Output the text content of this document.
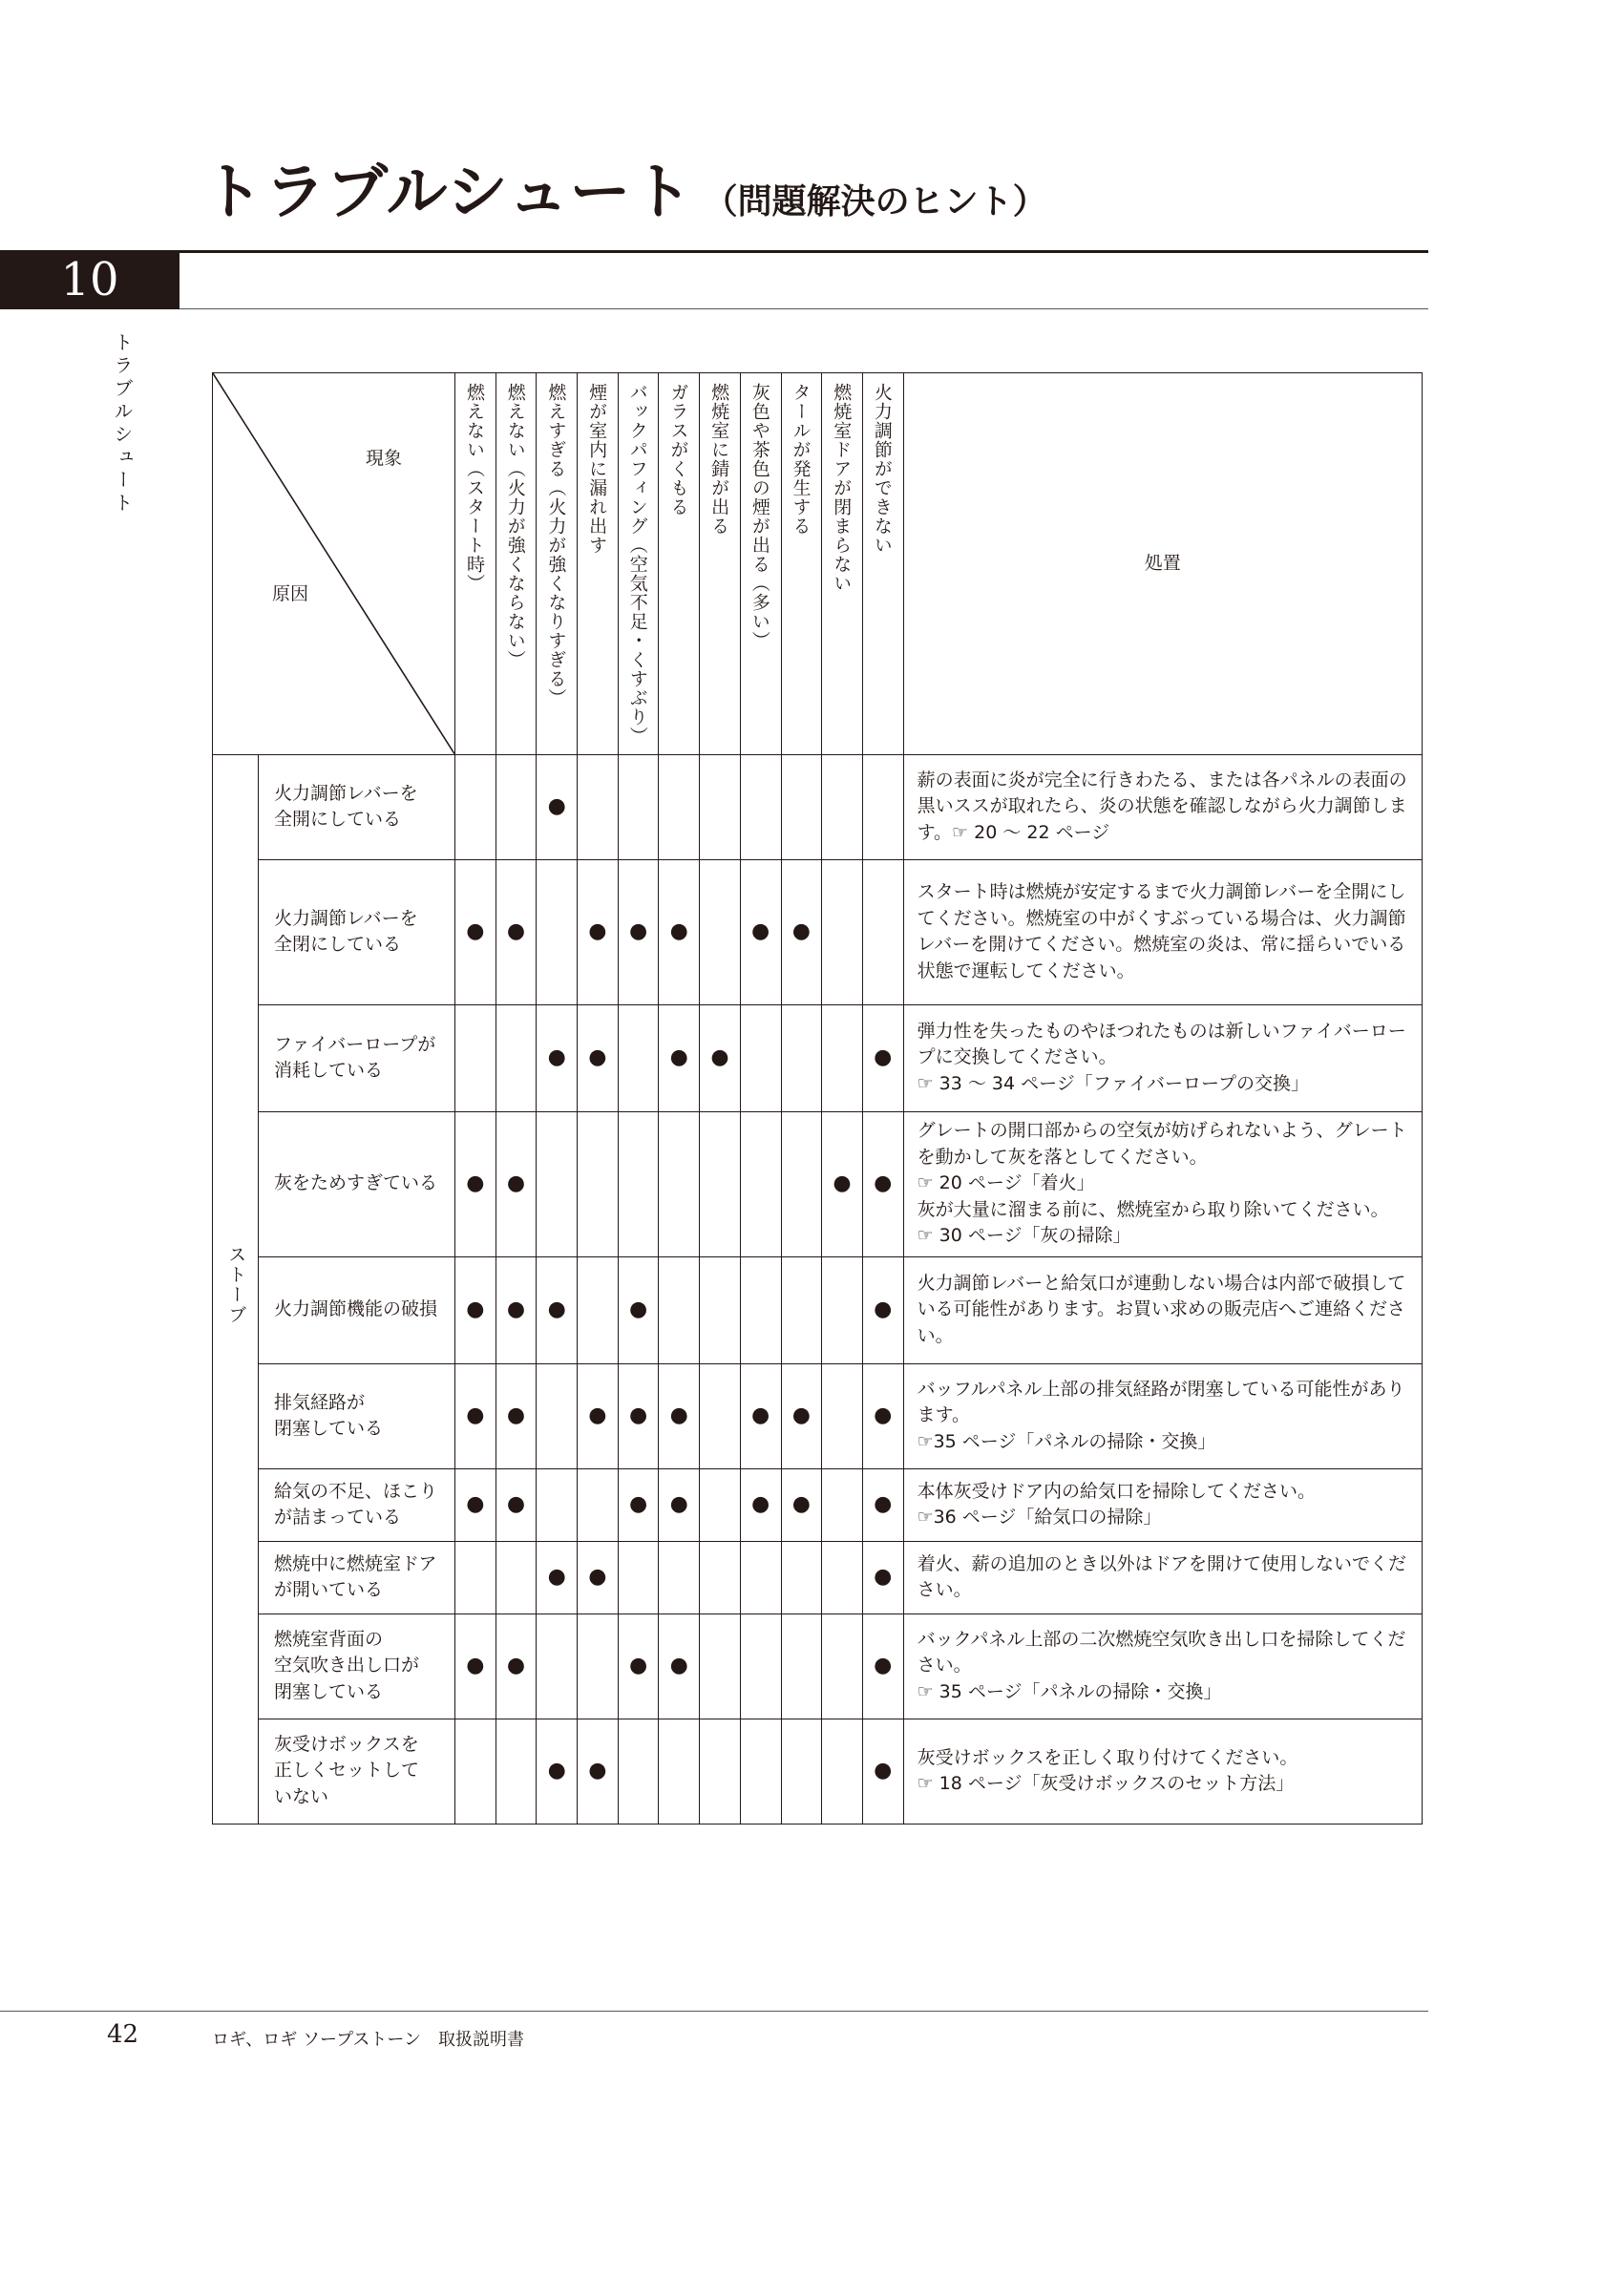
トラブルシュート （問題解決のヒント）
10
トラブルシュート	現象
原因		燃えない（スタート時）	燃えない（火力が強くならない）	燃えすぎる（火力が強くなりすぎる）	煙が室内に漏れ出す	バックパフィング（空気不足・くすぶり）	ガラスがくもる	燃焼室に錆が出る	灰色や茶色の煙が出る（多い）	タールが発生する	燃焼室ドアが閉まらない	火力調節ができない	処置
ストーブ	火力調節レバーを
全開にしている			●									薪の表面に炎が完全に行きわたる、または各パネルの表面の黒いススが取れたら、炎の状態を確認しながら火力調節します。☞ 20 ～ 22 ページ
	火力調節レバーを
全閉にしている	●	●		●	●	●		●	●			スタート時は燃焼が安定するまで火力調節レバーを全開にしてください。燃焼室の中がくすぶっている場合は、火力調節レバーを開けてください。燃焼室の炎は、常に揺らいでいる状態で運転してください。
	ファイバーロープが
消耗している			●	●		●	●				●	弾力性を失ったものやほつれたものは新しいファイバーロープに交換してください。
☞ 33 ～ 34 ページ「ファイバーロープの交換」
	灰をためすぎている	●	●								●	●	グレートの開口部からの空気が妨げられないよう、グレートを動かして灰を落としてください。
☞ 20 ページ「着火」
灰が大量に溜まる前に、燃焼室から取り除いてください。
☞ 30 ページ「灰の掃除」
	火力調節機能の破損	●	●	●		●						●	火力調節レバーと給気口が連動しない場合は内部で破損している可能性があります。お買い求めの販売店へご連絡ください。
	排気経路が
閉塞している	●	●		●	●	●		●	●		●	バッフルパネル上部の排気経路が閉塞している可能性があります。
☞35 ページ「パネルの掃除・交換」
	給気の不足、ほこり
が詰まっている	●	●			●	●		●	●		●	本体灰受けドア内の給気口を掃除してください。
☞36 ページ「給気口の掃除」
	燃焼中に燃焼室ドア
が開いている			●	●							●	着火、薪の追加のとき以外はドアを開けて使用しないでください。
	燃焼室背面の
空気吹き出し口が
閉塞している	●	●			●	●					●	バックパネル上部の二次燃焼空気吹き出し口を掃除してください。
☞ 35 ページ「パネルの掃除・交換」
	灰受けボックスを
正しくセットして
いない			●	●							●	灰受けボックスを正しく取り付けてください。
☞ 18 ページ「灰受けボックスのセット方法」
42	ロギ、ロギ ソープストーン　取扱説明書
